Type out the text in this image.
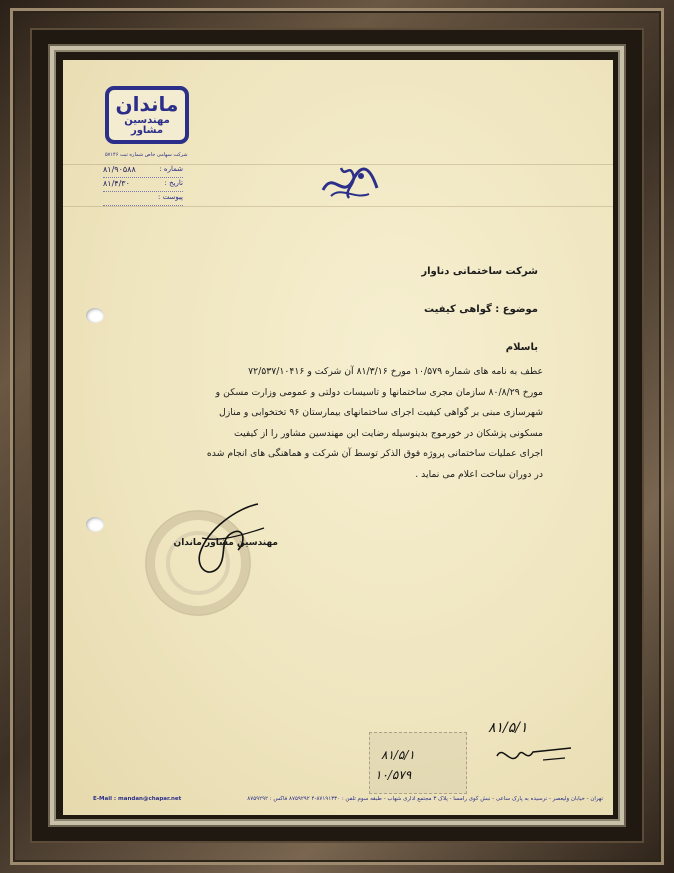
ماندان
مهندسین مشاور
شرکت سهامی خاص شماره ثبت ۵۷۱۴۶
شماره :
۸۱/۹۰۵۸۸
تاریخ :
۸۱/۴/۳۰
پیوست :
شرکت ساختمانی دناوار
موضوع : گواهی کیفیت
باسلام
عطف به نامه های شماره ۱۰/۵۷۹ مورخ ۸۱/۳/۱۶ آن شرکت و ۷۲/۵۳۷/۱۰۴۱۶
مورخ ۸۰/۸/۲۹ سازمان مجری ساختمانها و تاسیسات دولتی و عمومی وزارت مسکن و
شهرسازی مبنی بر گواهی کیفیت اجرای ساختمانهای بیمارستان ۹۶ تختخوابی و منازل
مسکونی پزشکان در خورموج بدینوسیله رضایت این مهندسین مشاور را از کیفیت
اجرای عملیات ساختمانی پروژه فوق الذکر توسط آن شرکت و هماهنگی های انجام شده
در دوران ساخت اعلام می نماید .
مهندسین مشاور ماندان
۸۱/۵/۱
۸۱/۵/۱
۱۰/۵۷۹
E-Mail : mandan@chapar.net	تهران - خیابان ولیعصر - نرسیده به پارک ساعی - نبش کوی رامسا - پلاک ۳ مجتمع اداری شهاب - طبقه سوم تلفن : ۸۷۱۹۱۳۳۰-۴ ۸۷۵۹۲۹۲ فاکس : ۸۷۵۹۲۹۲
